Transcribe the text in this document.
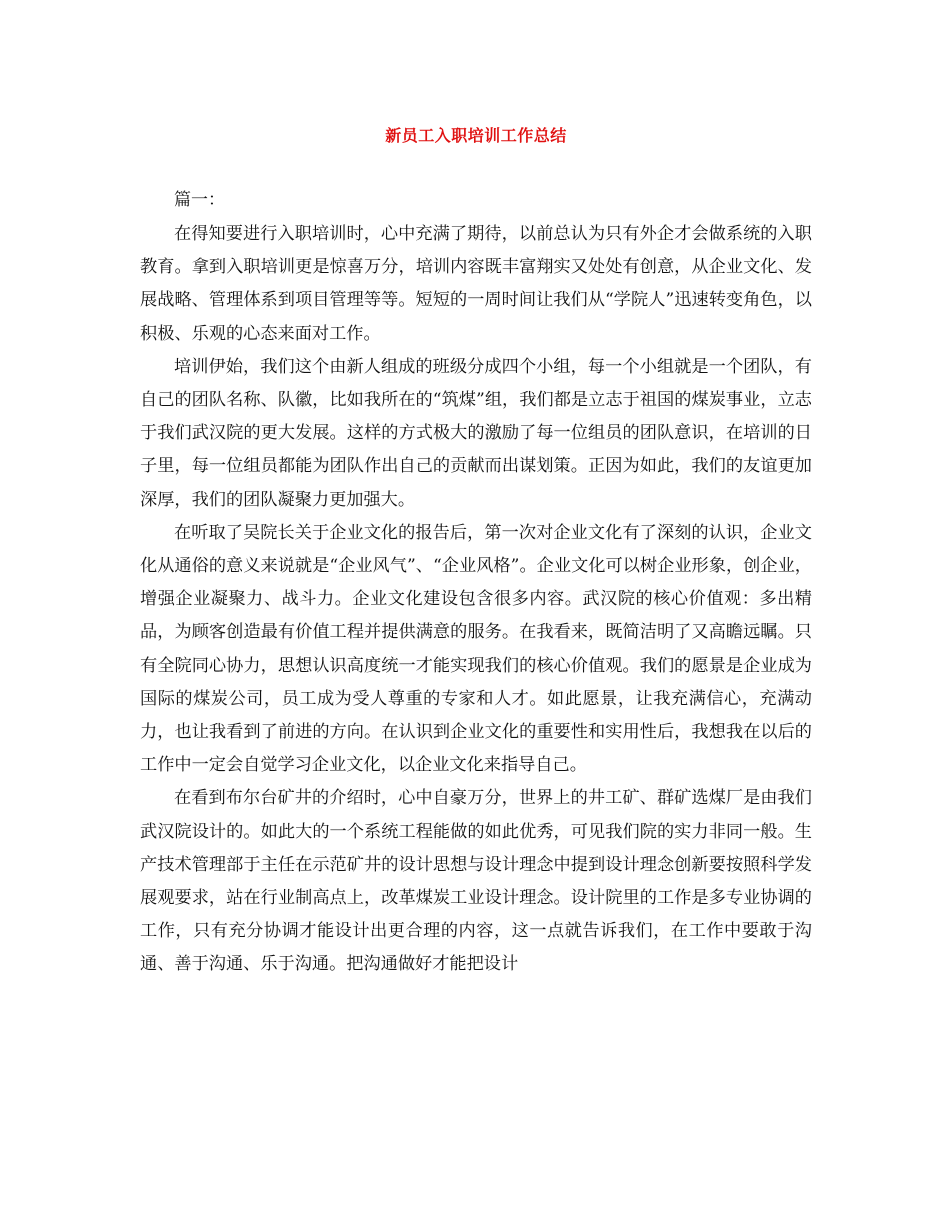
新员工入职培训工作总结

篇一：

在得知要进行入职培训时，心中充满了期待，以前总认为只有外企才会做系统的入职教育。拿到入职培训更是惊喜万分，培训内容既丰富翔实又处处有创意，从企业文化、发展战略、管理体系到项目管理等等。短短的一周时间让我们从“学院人”迅速转变角色，以积极、乐观的心态来面对工作。

培训伊始，我们这个由新人组成的班级分成四个小组，每一个小组就是一个团队，有自己的团队名称、队徽，比如我所在的“筑煤”组，我们都是立志于祖国的煤炭事业，立志于我们武汉院的更大发展。这样的方式极大的激励了每一位组员的团队意识，在培训的日子里，每一位组员都能为团队作出自己的贡献而出谋划策。正因为如此，我们的友谊更加深厚，我们的团队凝聚力更加强大。

在听取了吴院长关于企业文化的报告后，第一次对企业文化有了深刻的认识，企业文化从通俗的意义来说就是“企业风气”、“企业风格”。企业文化可以树企业形象，创企业，增强企业凝聚力、战斗力。企业文化建设包含很多内容。武汉院的核心价值观：多出精品，为顾客创造最有价值工程并提供满意的服务。在我看来，既简洁明了又高瞻远瞩。只有全院同心协力，思想认识高度统一才能实现我们的核心价值观。我们的愿景是企业成为国际的煤炭公司，员工成为受人尊重的专家和人才。如此愿景，让我充满信心，充满动力，也让我看到了前进的方向。在认识到企业文化的重要性和实用性后，我想我在以后的工作中一定会自觉学习企业文化，以企业文化来指导自己。

在看到布尔台矿井的介绍时，心中自豪万分，世界上的井工矿、群矿选煤厂是由我们武汉院设计的。如此大的一个系统工程能做的如此优秀，可见我们院的实力非同一般。生产技术管理部于主任在示范矿井的设计思想与设计理念中提到设计理念创新要按照科学发展观要求，站在行业制高点上，改革煤炭工业设计理念。设计院里的工作是多专业协调的工作，只有充分协调才能设计出更合理的内容，这一点就告诉我们，在工作中要敢于沟通、善于沟通、乐于沟通。把沟通做好才能把设计
